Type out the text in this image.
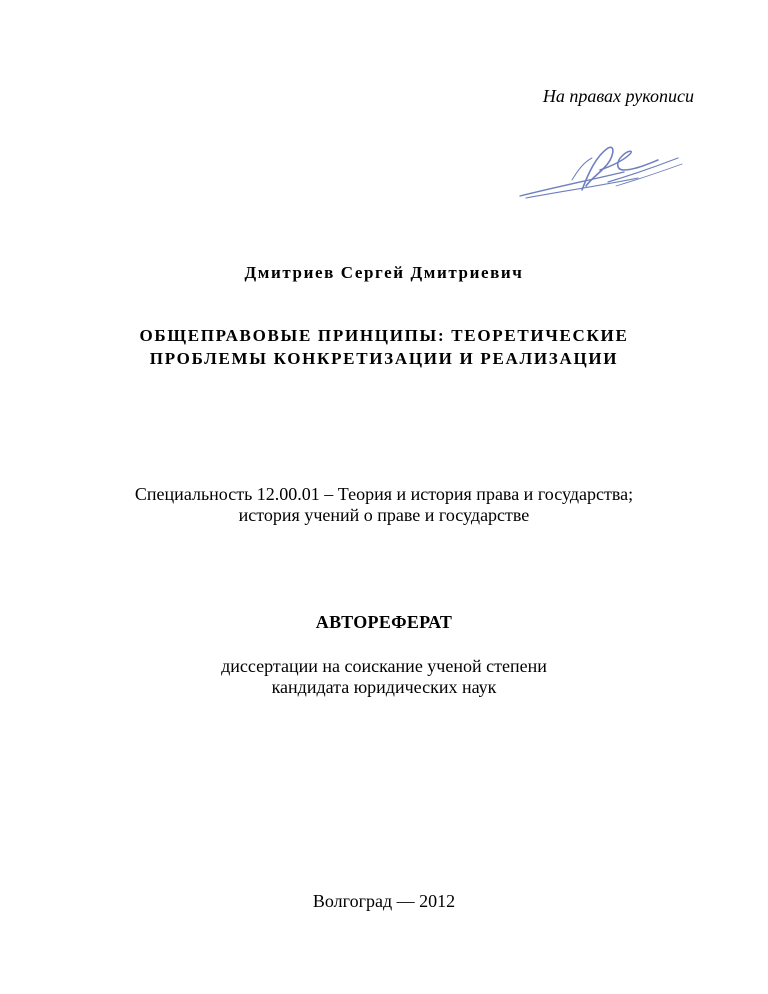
На правах рукописи
Дмитриев Сергей Дмитриевич
ОБЩЕПРАВОВЫЕ ПРИНЦИПЫ: ТЕОРЕТИЧЕСКИЕ
ПРОБЛЕМЫ КОНКРЕТИЗАЦИИ И РЕАЛИЗАЦИИ
Специальность 12.00.01 – Теория и история права и государства;
история учений о праве и государстве
АВТОРЕФЕРАТ
диссертации на соискание ученой степени
кандидата юридических наук
Волгоград — 2012
